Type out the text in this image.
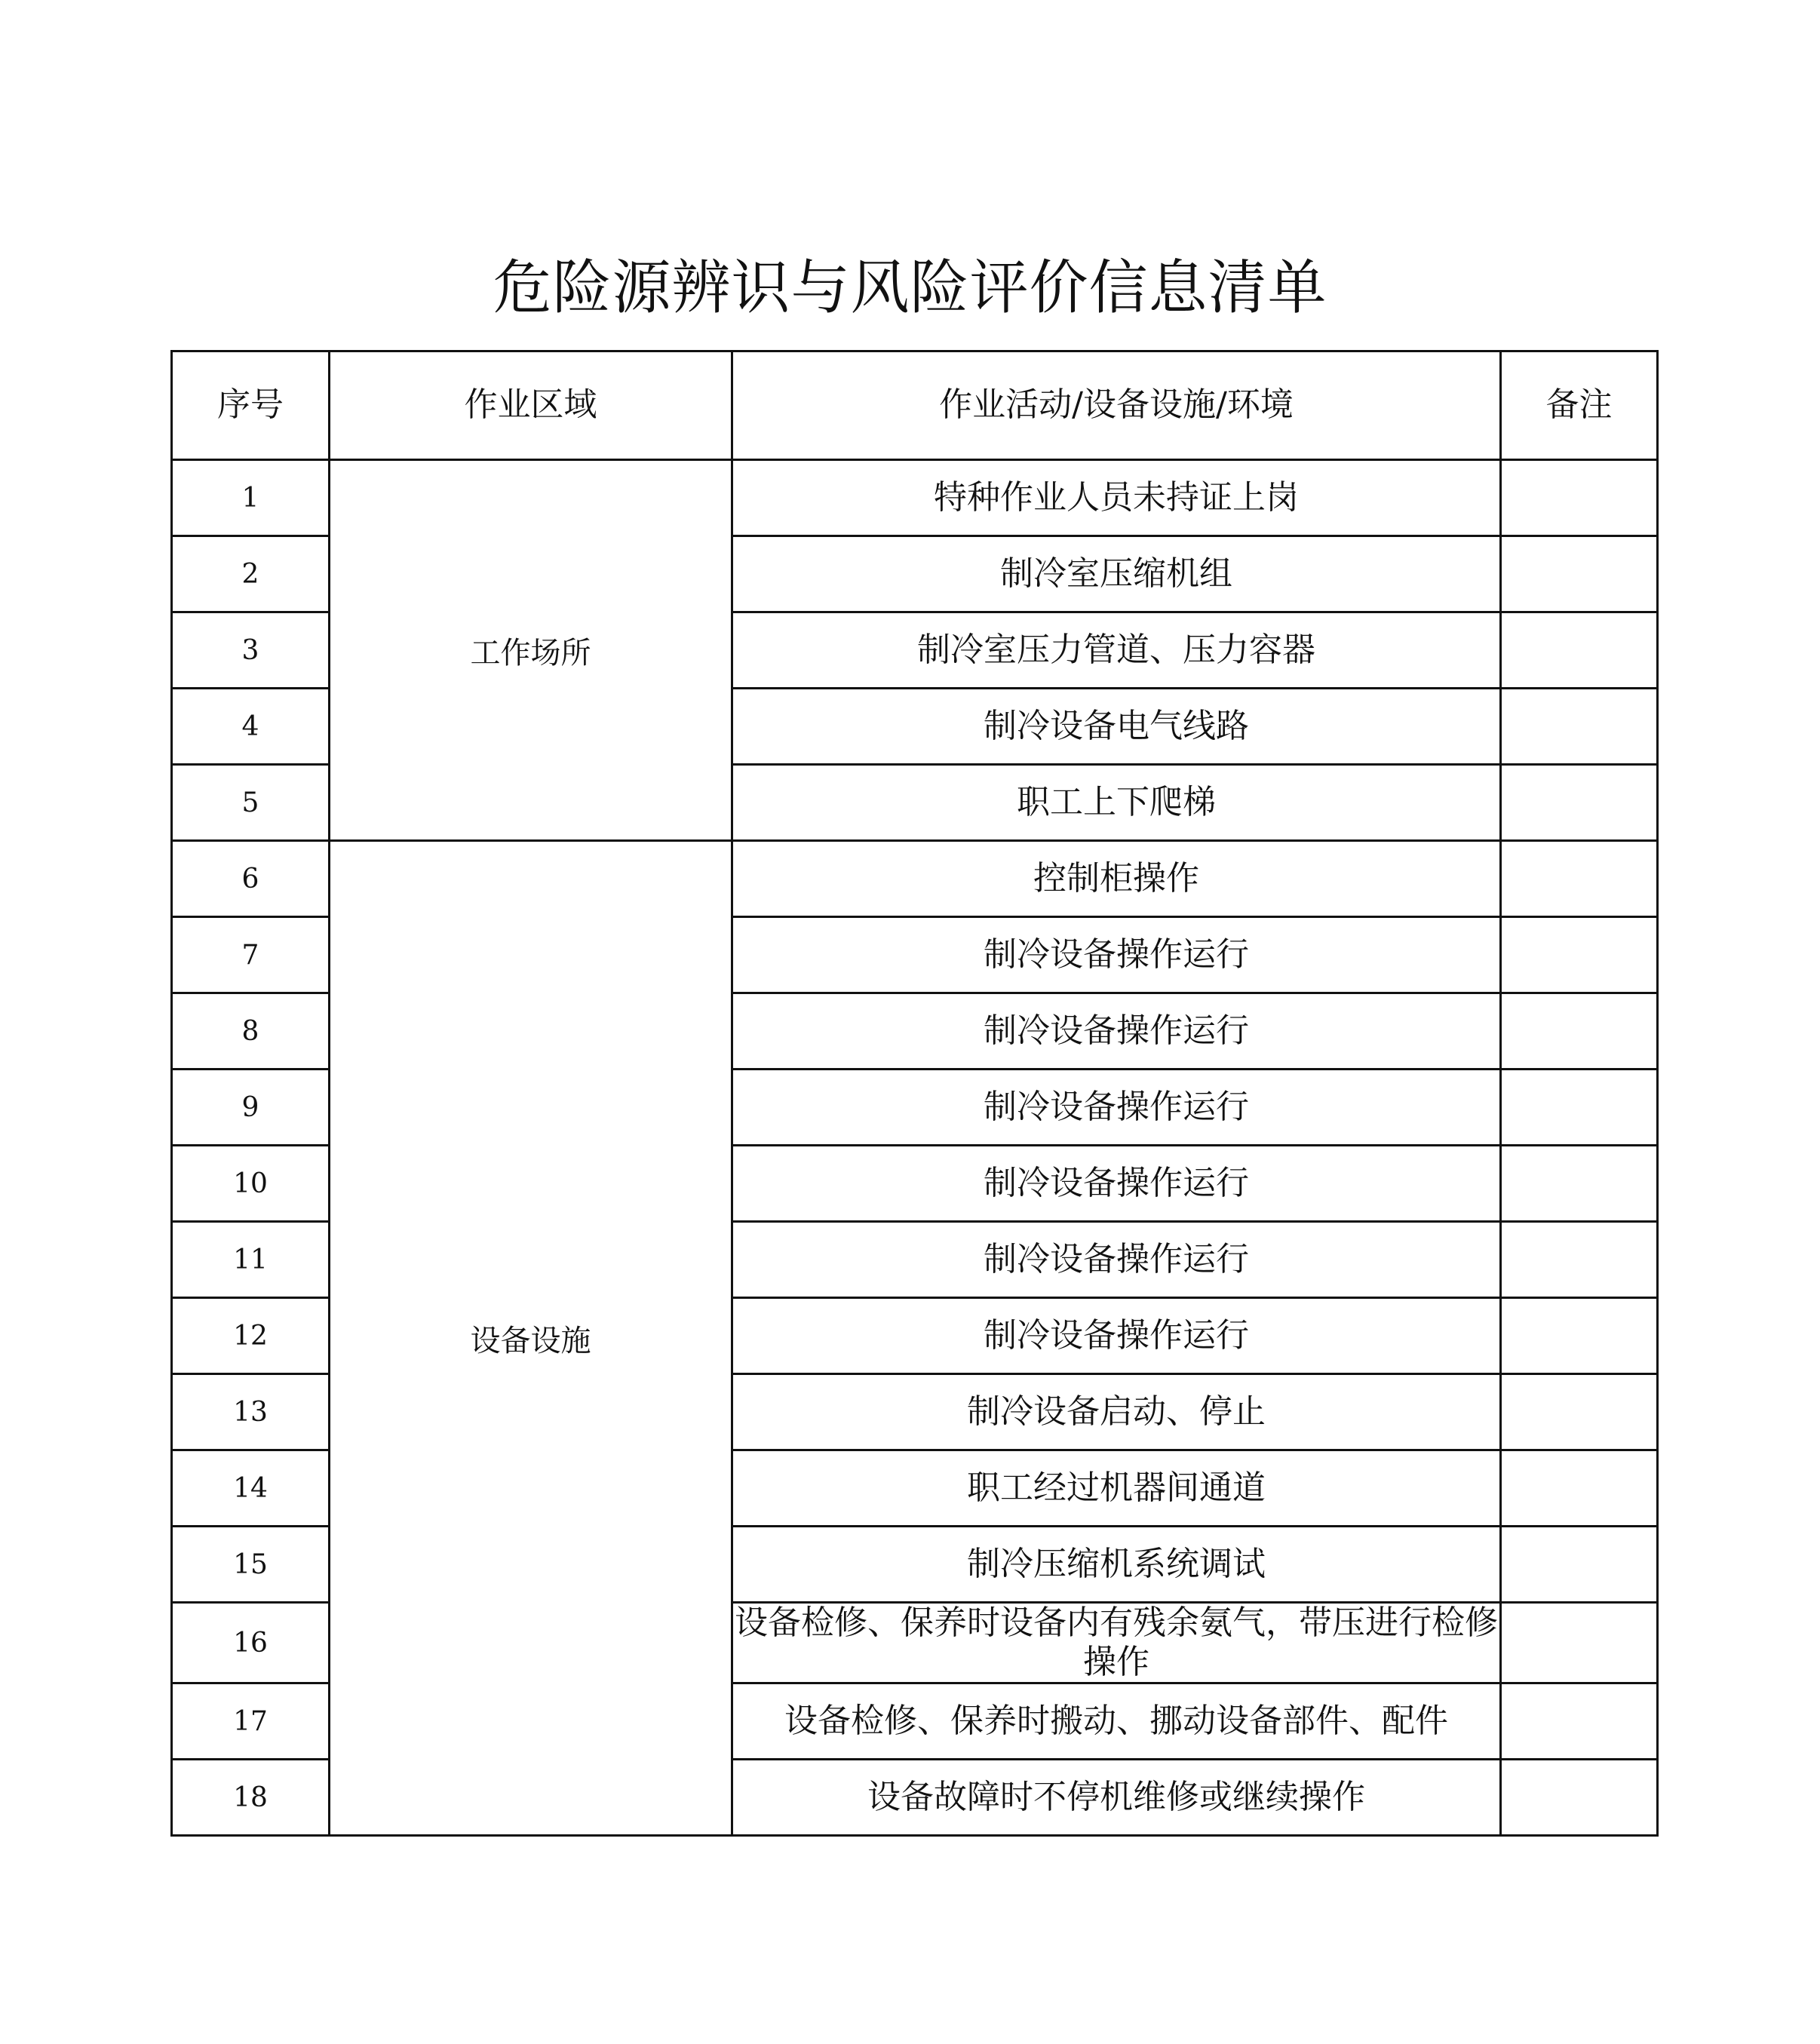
危险源辨识与风险评价信息清单
序号	作业区域	作业活动/设备设施/环境	备注
1	工作场所	特种作业人员未持证上岗	
2		制冷室压缩机组	
3		制冷室压力管道、压力容器	
4		制冷设备电气线路	
5		职工上下爬梯	
6	设备设施	控制柜操作	
7		制冷设备操作运行	
8		制冷设备操作运行	
9		制冷设备操作运行	
10		制冷设备操作运行	
11		制冷设备操作运行	
12		制冷设备操作运行	
13		制冷设备启动、停止	
14		职工经过机器间通道	
15		制冷压缩机系统调试	
16		设备检修、保养时设备内有残余氨气，带压进行检修操作	
17		设备检修、保养时搬动、挪动设备部件、配件	
18		设备故障时不停机维修或继续操作	
